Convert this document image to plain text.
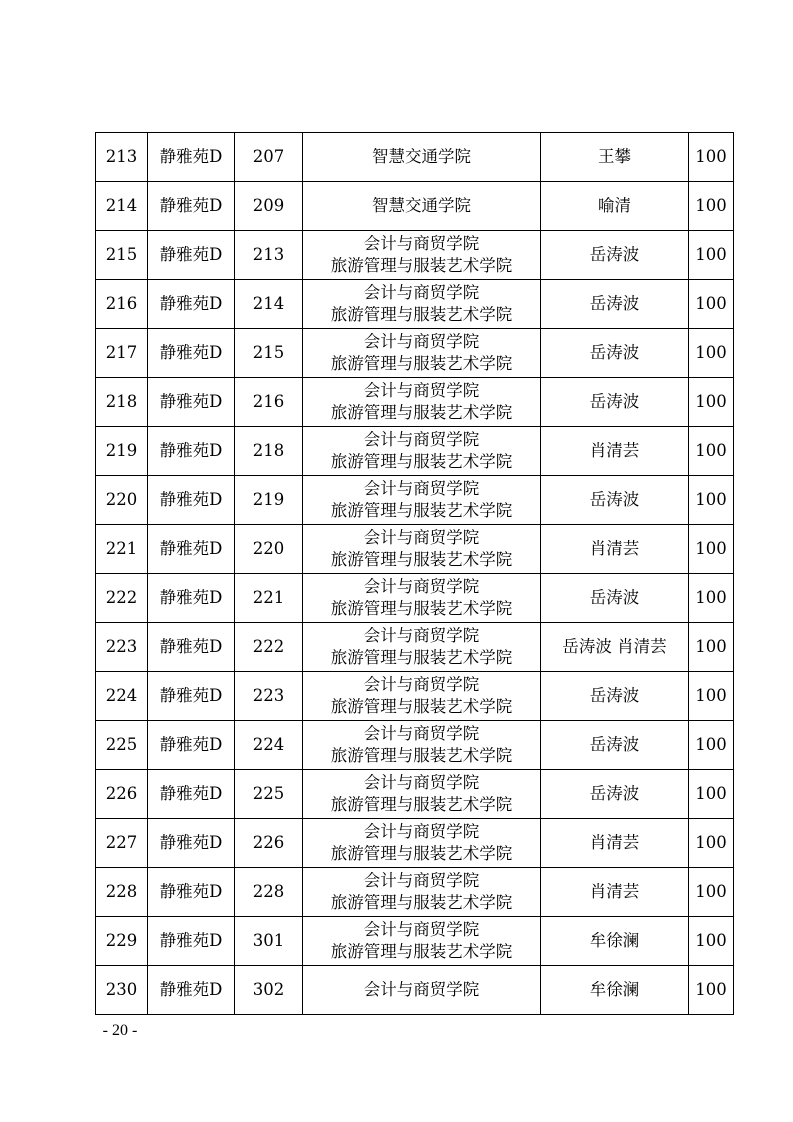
213	静雅苑D	207	智慧交通学院	王攀	100
214	静雅苑D	209	智慧交通学院	喻清	100
215	静雅苑D	213	会计与商贸学院
旅游管理与服装艺术学院	岳涛波	100
216	静雅苑D	214	会计与商贸学院
旅游管理与服装艺术学院	岳涛波	100
217	静雅苑D	215	会计与商贸学院
旅游管理与服装艺术学院	岳涛波	100
218	静雅苑D	216	会计与商贸学院
旅游管理与服装艺术学院	岳涛波	100
219	静雅苑D	218	会计与商贸学院
旅游管理与服装艺术学院	肖清芸	100
220	静雅苑D	219	会计与商贸学院
旅游管理与服装艺术学院	岳涛波	100
221	静雅苑D	220	会计与商贸学院
旅游管理与服装艺术学院	肖清芸	100
222	静雅苑D	221	会计与商贸学院
旅游管理与服装艺术学院	岳涛波	100
223	静雅苑D	222	会计与商贸学院
旅游管理与服装艺术学院	岳涛波 肖清芸	100
224	静雅苑D	223	会计与商贸学院
旅游管理与服装艺术学院	岳涛波	100
225	静雅苑D	224	会计与商贸学院
旅游管理与服装艺术学院	岳涛波	100
226	静雅苑D	225	会计与商贸学院
旅游管理与服装艺术学院	岳涛波	100
227	静雅苑D	226	会计与商贸学院
旅游管理与服装艺术学院	肖清芸	100
228	静雅苑D	228	会计与商贸学院
旅游管理与服装艺术学院	肖清芸	100
229	静雅苑D	301	会计与商贸学院
旅游管理与服装艺术学院	牟徐澜	100
230	静雅苑D	302	会计与商贸学院	牟徐澜	100
- 20 -
